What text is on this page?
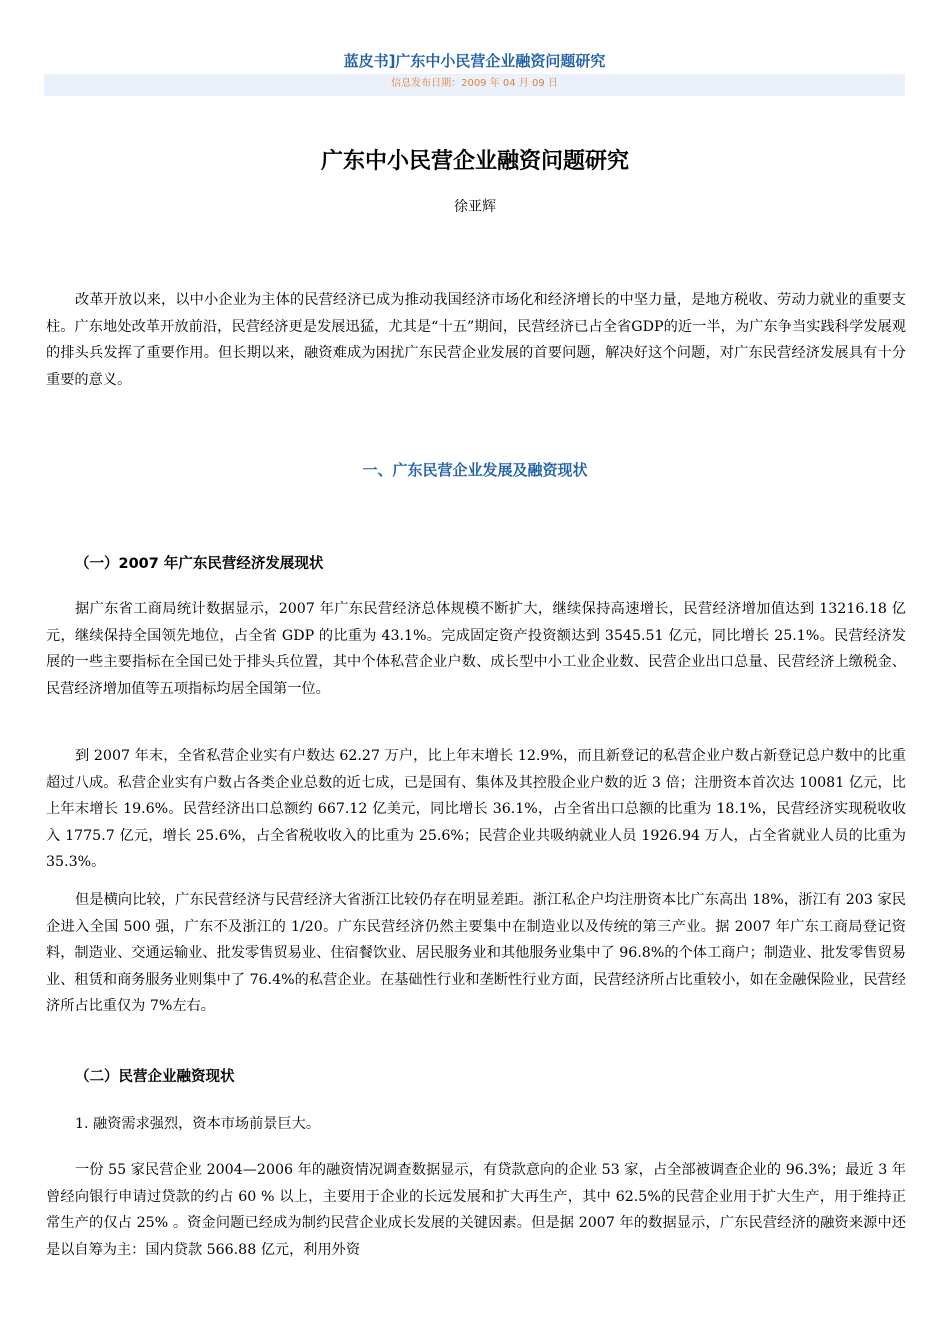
蓝皮书]广东中小民营企业融资问题研究
信息发布日期：2009 年 04 月 09 日
广东中小民营企业融资问题研究
徐亚辉

改革开放以来，以中小企业为主体的民营经济已成为推动我国经济市场化和经济增长的中坚力量，是地方税收、劳动力就业的重要支柱。广东地处改革开放前沿，民营经济更是发展迅猛，尤其是“十五”期间，民营经济已占全省GDP的近一半，为广东争当实践科学发展观的排头兵发挥了重要作用。但长期以来，融资难成为困扰广东民营企业发展的首要问题，解决好这个问题，对广东民营经济发展具有十分重要的意义。

一、广东民营企业发展及融资现状
（一）2007 年广东民营经济发展现状

据广东省工商局统计数据显示，2007 年广东民营经济总体规模不断扩大，继续保持高速增长，民营经济增加值达到 13216.18 亿元，继续保持全国领先地位，占全省 GDP 的比重为 43.1%。完成固定资产投资额达到 3545.51 亿元，同比增长 25.1%。民营经济发展的一些主要指标在全国已处于排头兵位置，其中个体私营企业户数、成长型中小工业企业数、民营企业出口总量、民营经济上缴税金、民营经济增加值等五项指标均居全国第一位。

到 2007 年末，全省私营企业实有户数达 62.27 万户，比上年末增长 12.9%，而且新登记的私营企业户数占新登记总户数中的比重超过八成。私营企业实有户数占各类企业总数的近七成，已是国有、集体及其控股企业户数的近 3 倍；注册资本首次达 10081 亿元，比上年末增长 19.6%。民营经济出口总额约 667.12 亿美元，同比增长 36.1%，占全省出口总额的比重为 18.1%，民营经济实现税收收入 1775.7 亿元，增长 25.6%，占全省税收收入的比重为 25.6%；民营企业共吸纳就业人员 1926.94 万人，占全省就业人员的比重为 35.3%。

但是横向比较，广东民营经济与民营经济大省浙江比较仍存在明显差距。浙江私企户均注册资本比广东高出 18%，浙江有 203 家民企进入全国 500 强，广东不及浙江的 1/20。广东民营经济仍然主要集中在制造业以及传统的第三产业。据 2007 年广东工商局登记资料，制造业、交通运输业、批发零售贸易业、住宿餐饮业、居民服务业和其他服务业集中了 96.8%的个体工商户；制造业、批发零售贸易业、租赁和商务服务业则集中了 76.4%的私营企业。在基础性行业和垄断性行业方面，民营经济所占比重较小，如在金融保险业，民营经济所占比重仅为 7%左右。

（二）民营企业融资现状
1. 融资需求强烈，资本市场前景巨大。

一份 55 家民营企业 2004—2006 年的融资情况调查数据显示，有贷款意向的企业 53 家，占全部被调查企业的 96.3%；最近 3 年曾经向银行申请过贷款的约占 60 % 以上，主要用于企业的长远发展和扩大再生产，其中 62.5%的民营企业用于扩大生产，用于维持正常生产的仅占 25% 。资金问题已经成为制约民营企业成长发展的关键因素。但是据 2007 年的数据显示，广东民营经济的融资来源中还是以自筹为主：国内贷款 566.88 亿元，利用外资
